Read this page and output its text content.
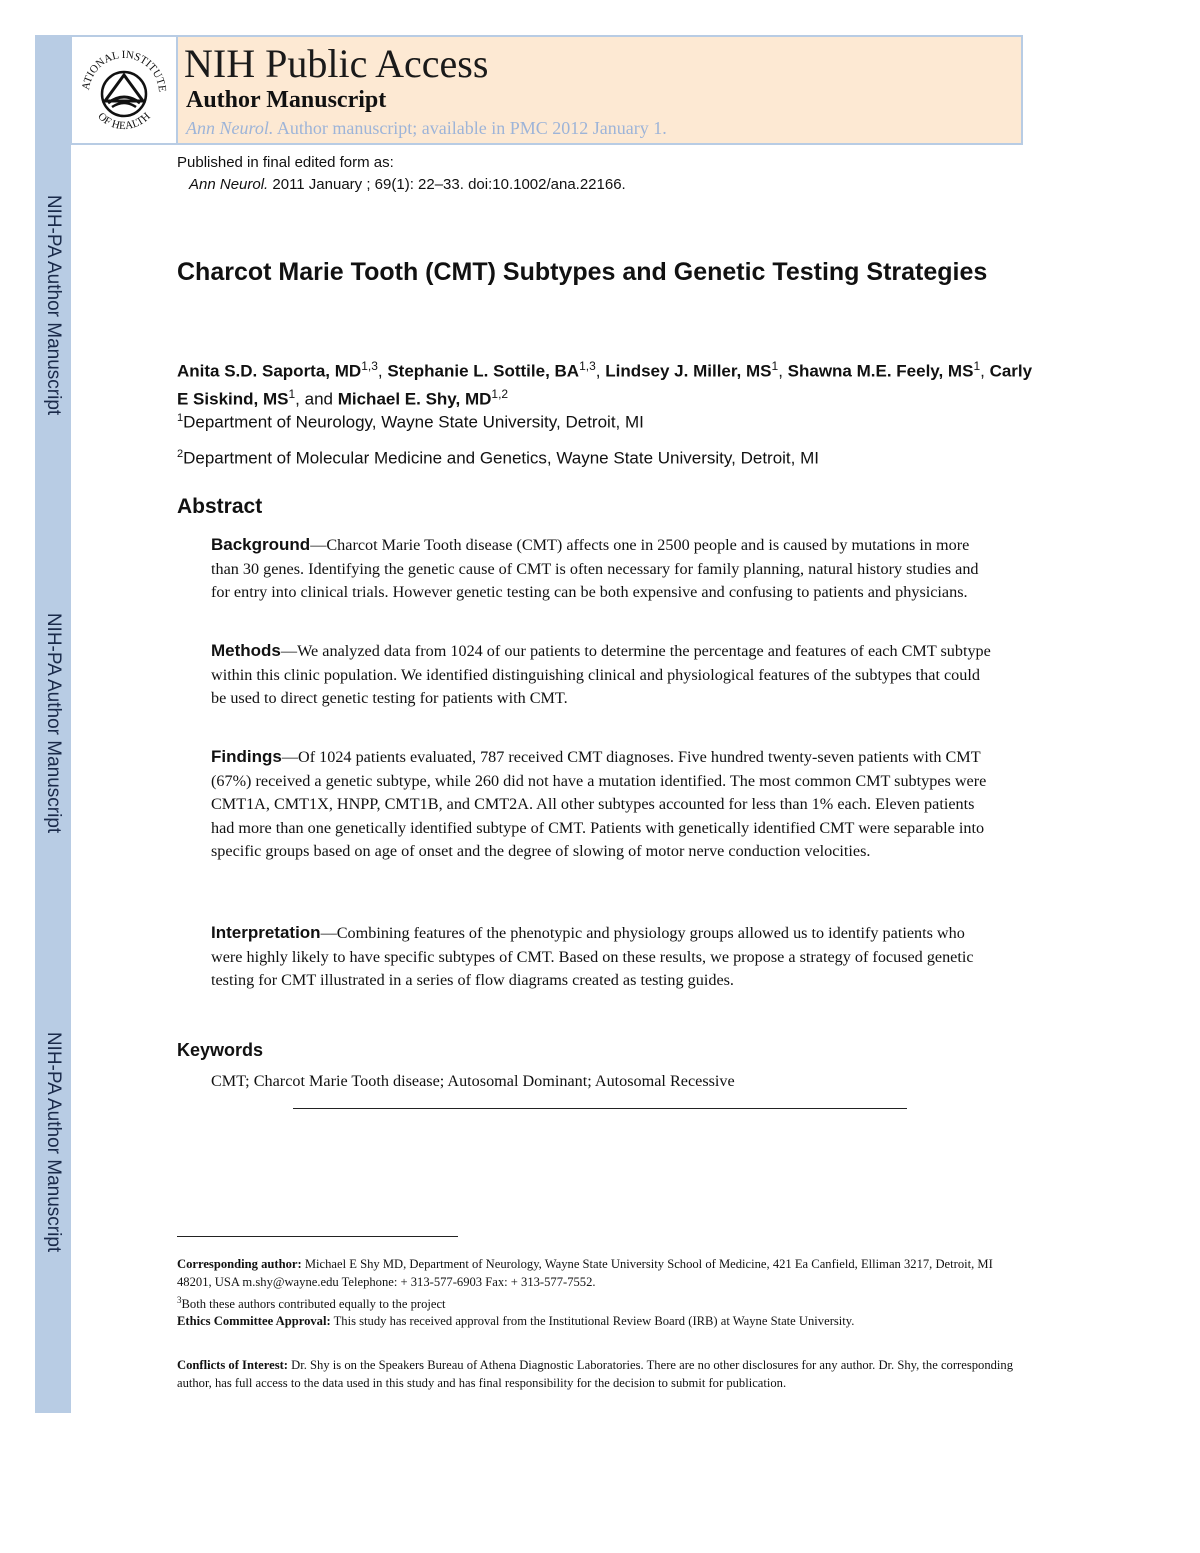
NIH-PA Author Manuscript
NIH-PA Author Manuscript
NIH-PA Author Manuscript
ATIONAL INSTITUTE
OF HEALTH
NIH Public Access
Author Manuscript
Ann Neurol. Author manuscript; available in PMC 2012 January 1.
Published in final edited form as:
Ann Neurol. 2011 January ; 69(1): 22–33. doi:10.1002/ana.22166.
Charcot Marie Tooth (CMT) Subtypes and Genetic Testing Strategies
Anita S.D. Saporta, MD$^{1,3}$, Stephanie L. Sottile, BA$^{1,3}$, Lindsey J. Miller, $MS^1$, Shawna M.E. Feely, $MS^1$, Carly E Siskind, $MS^1$, and Michael E. Shy, MD$^{1,2}$
$^1$Department of Neurology, Wayne State University, Detroit, MI
$^2$Department of Molecular Medicine and Genetics, Wayne State University, Detroit, MI
Abstract
Background—Charcot Marie Tooth disease (CMT) affects one in 2500 people and is caused by mutations in more than 30 genes. Identifying the genetic cause of CMT is often necessary for family planning, natural history studies and for entry into clinical trials. However genetic testing can be both expensive and confusing to patients and physicians.
Methods—We analyzed data from 1024 of our patients to determine the percentage and features of each CMT subtype within this clinic population. We identified distinguishing clinical and physiological features of the subtypes that could be used to direct genetic testing for patients with CMT.
Findings—Of 1024 patients evaluated, 787 received CMT diagnoses. Five hundred twenty-seven patients with CMT (67%) received a genetic subtype, while 260 did not have a mutation identified. The most common CMT subtypes were CMT1A, CMT1X, HNPP, CMT1B, and CMT2A. All other subtypes accounted for less than 1% each. Eleven patients had more than one genetically identified subtype of CMT. Patients with genetically identified CMT were separable into specific groups based on age of onset and the degree of slowing of motor nerve conduction velocities.
Interpretation—Combining features of the phenotypic and physiology groups allowed us to identify patients who were highly likely to have specific subtypes of CMT. Based on these results, we propose a strategy of focused genetic testing for CMT illustrated in a series of flow diagrams created as testing guides.
Keywords
CMT; Charcot Marie Tooth disease; Autosomal Dominant; Autosomal Recessive
Corresponding author: Michael E Shy MD, Department of Neurology, Wayne State University School of Medicine, 421 Ea Canfield, Elliman 3217, Detroit, MI 48201, USA m.shy@wayne.edu Telephone: + 313-577-6903 Fax: + 313-577-7552.
$^3$Both these authors contributed equally to the project
Ethics Committee Approval: This study has received approval from the Institutional Review Board (IRB) at Wayne State University.
Conflicts of Interest: Dr. Shy is on the Speakers Bureau of Athena Diagnostic Laboratories. There are no other disclosures for any author. Dr. Shy, the corresponding author, has full access to the data used in this study and has final responsibility for the decision to submit for publication.
